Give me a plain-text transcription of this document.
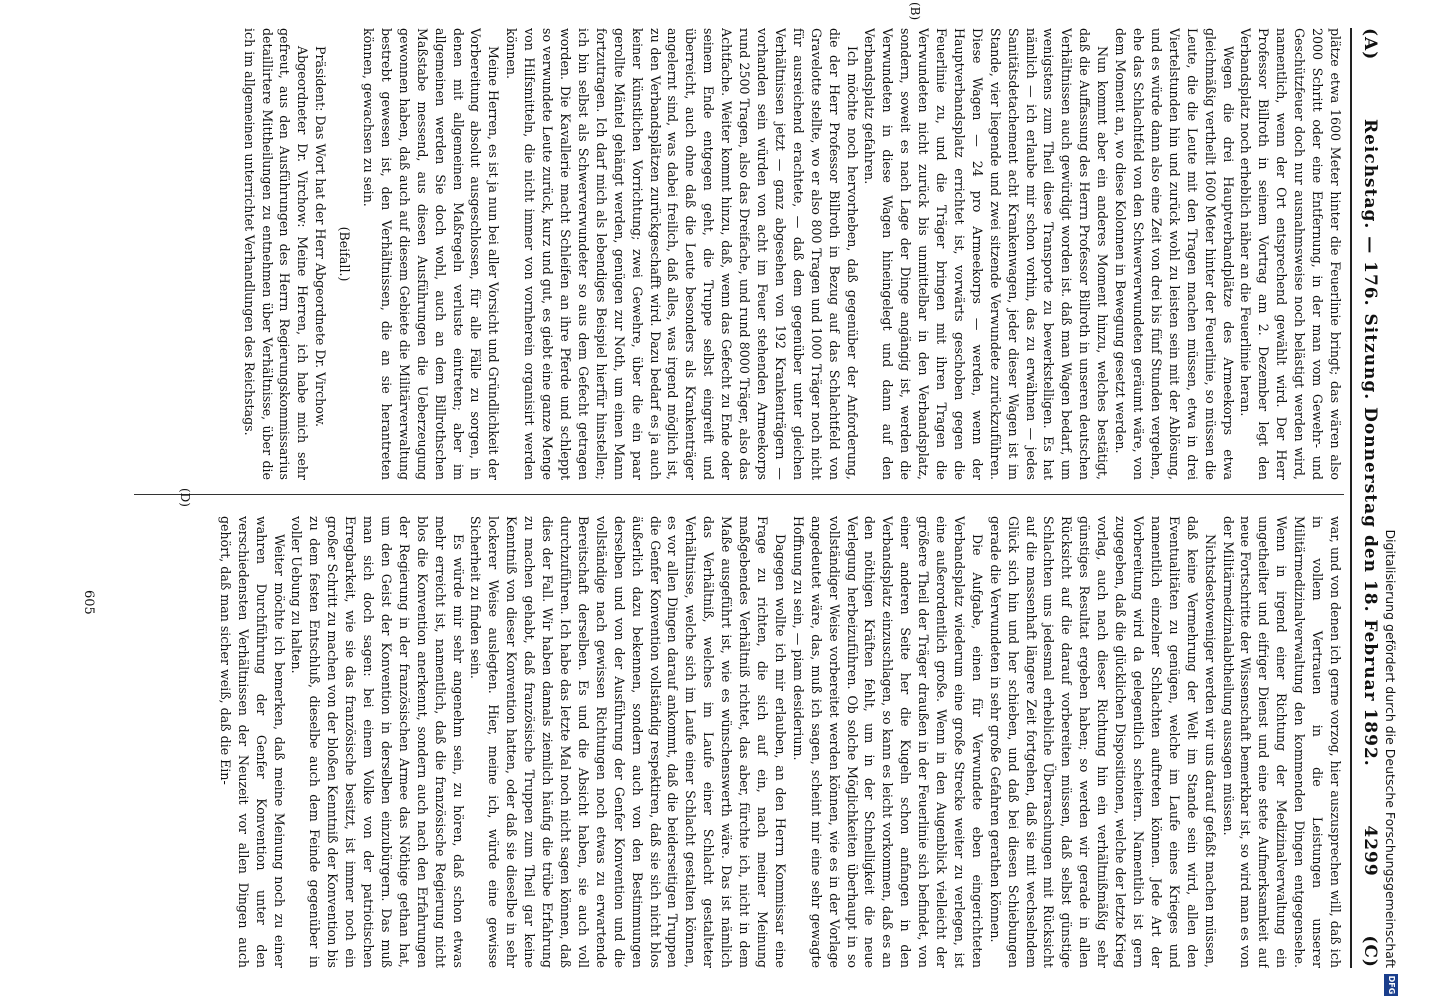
(A)
Reichstag. — 176. Sitzung. Donnerstag den 18. Februar 1892.
4299
(C)

plätze etwa 1600 Meter hinter die Feuerlinie bringt; das wären also 2000 Schritt oder eine Entfernung, in der man vom Gewehr- und Geschützfeuer doch nur ausnahmsweise noch belästigt werden wird, namentlich, wenn der Ort entsprechend gewählt wird. Der Herr Professor Billroth in seinem Vortrag am 2. Dezember legt den Verbandsplatz noch erheblich näher an die Feuerlinie heran.

Wegen die drei Hauptverbandplätze des Armeekorps etwa gleichmäßig vertheilt 1600 Meter hinter der Feuerlinie, so müssen die Leute, die die Leute mit den Tragen machen müssen, etwa in drei Viertelstunden hin und zurück wohl zu leisten sein mit der Ablösung, und es würde dann also eine Zeit von drei bis fünf Stunden vergehen, ehe das Schlachtfeld von den Schwerverwundeten geräumt wäre, von dem Moment an, wo diese Kolonnen in Bewegung gesetzt werden.

Nun kommt aber ein anderes Moment hinzu, welches bestätigt, daß die Auffassung des Herrn Professor Billroth in unseren deutschen Verhältnissen auch gewürdigt worden ist. daß man Wagen bedarf, um wenigstens zum Theil diese Transporte zu bewerkstelligen. Es hat nämlich — ich erlaube mir schon vorhin, das zu erwähnen — jedes Sanitätsdetachement acht Krankenwagen, jeder dieser Wagen ist im Stande, vier liegende und zwei sitzende Verwundete zurückzuführen. Diese Wagen — 24 pro Armeekorps — werden, wenn der Hauptverbandsplatz errichtet ist, vorwärts geschoben gegen die Feuerlinie zu, und die Träger bringen mit ihren Tragen die Verwundeten nicht zurück bis unmittelbar in den Verbandsplatz, sondern, soweit es nach Lage der Dinge angängig ist, werden die Verwundeten in diese Wagen hineingelegt und dann auf den Verbandsplatz gefahren.

Ich möchte noch hervorheben, daß gegenüber der Anforderung, die der Herr Professor Billroth in Bezug auf das Schlachtfeld von Gravelotte stellte, wo er also 800 Tragen und 1000 Träger noch nicht für ausreichend erachtete, — daß dem gegenüber unter gleichen Verhältnissen jetzt — ganz abgesehen von 192 Krankenträgern — vorhanden sein würden von acht im Feuer stehenden Armeekorps rund 2500 Tragen, also das Dreifache, und rund 8000 Träger, also das Achtfache. Weiter kommt hinzu, daß, wenn das Gefecht zu Ende oder seinem Ende entgegen geht, die Truppe selbst eingreift und überreicht, auch ohne daß die Leute besonders als Krankenträger angelernt sind, was dabei freilich, daß alles, was irgend möglich ist, zu den Verbandsplätzen zurückgeschafft wird. Dazu bedarf es ja auch keiner künstlichen Vorrichtung; zwei Gewehre, über die ein paar gerollte Mäntel gehängt werden, genügen zur Noth, um einen Mann fortzutragen. Ich darf mich als lebendiges Beispiel hierfür hinstellen; ich bin selbst als Schwerverwundeter so aus dem Gefecht getragen worden. Die Kavallerie macht Schleifen an ihre Pferde und schleppt so verwundete Leute zurück, kurz und gut, es giebt eine ganze Menge von Hilfsmitteln, die nicht immer von vornherein organisirt werden können.

Meine Herren, es ist ja nun bei aller Vorsicht und Gründlichkeit der Vorbereitung absolut ausgeschlossen, für alle Fälle zu sorgen, in denen mit allgemeinen Maßregeln verluste eintreten; aber im allgemeinen werden Sie doch wohl, auch an dem Billrothschen Maßstabe messend, aus diesen Ausführungen die Ueberzeugung gewonnen haben, daß auch auf diesem Gebiete die Militärverwaltung bestrebt gewesen ist, den Verhältnissen, die an sie herantreten können, gewachsen zu sein.

(Beifall.)

Präsident: Das Wort hat der Herr Abgeordnete Dr. Virchow.

Abgeordneter Dr. Virchow: Meine Herren, ich habe mich sehr gefreut, aus den Ausführungen des Herrn Regierungskommissarius detaillirtere Mittheilungen zu entnehmen über Verhältnisse, über die ich im allgemeinen unterrichtet Verhandlungen des Reichstags.

war, und von denen ich gerne vorzog, hier auszusprechen will, daß ich in vollem Vertrauen in die Leistungen unserer Militärmedizinalverwaltung den kommenden Dingen entgegensehe. Wenn in irgend einer Richtung der Medizinalverwaltung ein ungetheilter und eifriger Dienst und eine stete Aufmerksamkeit auf neue Fortschritte der Wissenschaft bemerkbar ist, so wird man es von der Militärmedizinalabtheilung aussagen müssen.

Nichtsdestoweniger werden wir uns darauf gefaßt machen müssen, daß keine Vermehrung der Welt im Stande sein wird, allen den Eventualitäten zu genügen, welche im Laufe eines Krieges und namentlich einzelner Schlachten auftreten können. Jede Art der Vorbereitung wird da gelegentlich scheitern. Namentlich ist gern zugegeben, daß die glücklichen Dispositionen, welche der letzte Krieg vorlag, auch nach dieser Richtung hin ein verhältnißmäßig sehr günstiges Resultat ergeben haben; so werden wir gerade in allen Rücksicht auf die darauf vorbereiten müssen, daß selbst günstige Schlachten uns jedesmal erhebliche Überraschungen mit Rücksicht auf die massenhaft längere Zeit fortgehen, daß sie mit wechselndem Glück sich hin und her schieben, und daß bei diesen Schiebungen gerade die Verwundeten in sehr große Gefahren gerathen können.

Die Aufgabe, einen für Verwundete eben eingerichteten Verbandsplatz wiederum eine große Strecke weiter zu verlegen, ist eine außerordentlich große. Wenn in den Augenblick vielleicht der größere Theil der Träger draußen in der Feuerlinie sich befindet, von einer anderen Seite her die Kugeln schon anfangen in den Verbandsplatz einzuschlagen, so kann es leicht vorkommen, daß es an den nöthigen Kräften fehlt, um in der Schnelligkeit die neue Verlegung herbeizuführen. Ob solche Möglichkeiten überhaupt in so vollständiger Weise vorbereitet werden können, wie es in der Vorlage angedeutet wäre, das, muß ich sagen, scheint mir eine sehr gewagte Hoffnung zu sein, — piam desiderium.

Dagegen wollte ich mir erlauben, an den Herrn Kommissar eine Frage zu richten, die sich auf ein, nach meiner Meinung maßgebendes Verhältniß richtet, das aber, fürchte ich, nicht in dem Maße ausgeführt ist, wie es wünschenswerth wäre. Das ist nämlich das Verhältniß, welches im Laufe einer Schlacht gestalteter Verhältnisse, welche sich im Laufe einer Schlacht gestalten können, es vor allen Dingen darauf ankommt, daß die beiderseitigen Truppen die Genfer Konvention vollständig respektiren, daß sie sich nicht blos äußerlich dazu bekennen, sondern auch von den Bestimmungen derselben und von der Ausführung der Genfer Konvention und die vollständige nach gewissen Richtungen noch etwas zu erwartende Bereitschaft derselben. Es und die Absicht haben, sie auch voll durchzuführen. Ich habe das letzte Mal noch nicht sagen können, daß dies der Fall. Wir haben damals ziemlich häufig die trübe Erfahrung zu machen gehabt, daß französische Truppen zum Theil gar keine Kenntniß von dieser Konvention hatten, oder daß sie dieselbe in sehr lockerer Weise auslegten. Hier, meine ich, würde eine gewisse Sicherheit zu finden sein.

Es würde mir sehr angenehm sein, zu hören, daß schon etwas mehr erreicht ist, namentlich, daß die französische Regierung nicht blos die Konvention anerkennt, sondern auch nach den Erfahrungen der Regierung in der französischen Armee das Nöthige gethan hat, um den Geist der Konvention in derselben einzubürgern. Das muß man sich doch sagen: bei einem Volke von der patriotischen Erregbarkeit, wie sie das französische besitzt, ist immer noch ein großer Schritt zu machen von der bloßen Kenntniß der Konvention bis zu dem festen Entschluß, dieselbe auch dem Feinde gegenüber in voller Uebung zu halten.

Weiter möchte ich bemerken, daß meine Meinung noch zu einer wahren Durchführung der Genfer Konvention unter den verschiedensten Verhältnissen der Neuzeit vor allen Dingen auch gehört, daß man sicher weiß, daß die Ein-

(B)
(D)
605	Digitalisierung gefördert durch die Deutsche Forschungsgemeinschaft
DFG
